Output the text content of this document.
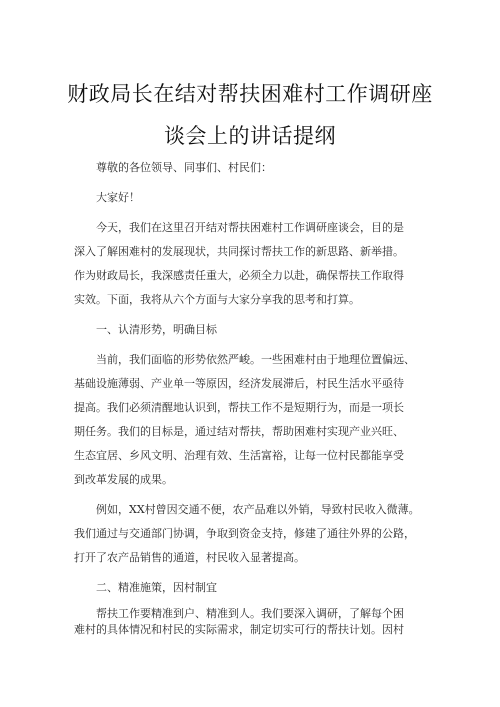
财政局长在结对帮扶困难村工作调研座
谈会上的讲话提纲
尊敬的各位领导、同事们、村民们：
大家好！
今天，我们在这里召开结对帮扶困难村工作调研座谈会，目的是
深入了解困难村的发展现状，共同探讨帮扶工作的新思路、新举措。
作为财政局长，我深感责任重大，必须全力以赴，确保帮扶工作取得
实效。下面，我将从六个方面与大家分享我的思考和打算。
一、认清形势，明确目标
当前，我们面临的形势依然严峻。一些困难村由于地理位置偏远、
基础设施薄弱、产业单一等原因，经济发展滞后，村民生活水平亟待
提高。我们必须清醒地认识到，帮扶工作不是短期行为，而是一项长
期任务。我们的目标是，通过结对帮扶，帮助困难村实现产业兴旺、
生态宜居、乡风文明、治理有效、生活富裕，让每一位村民都能享受
到改革发展的成果。
例如，XX村曾因交通不便，农产品难以外销，导致村民收入微薄。
我们通过与交通部门协调，争取到资金支持，修建了通往外界的公路，
打开了农产品销售的通道，村民收入显著提高。
二、精准施策，因村制宜
帮扶工作要精准到户、精准到人。我们要深入调研，了解每个困
难村的具体情况和村民的实际需求，制定切实可行的帮扶计划。因村
